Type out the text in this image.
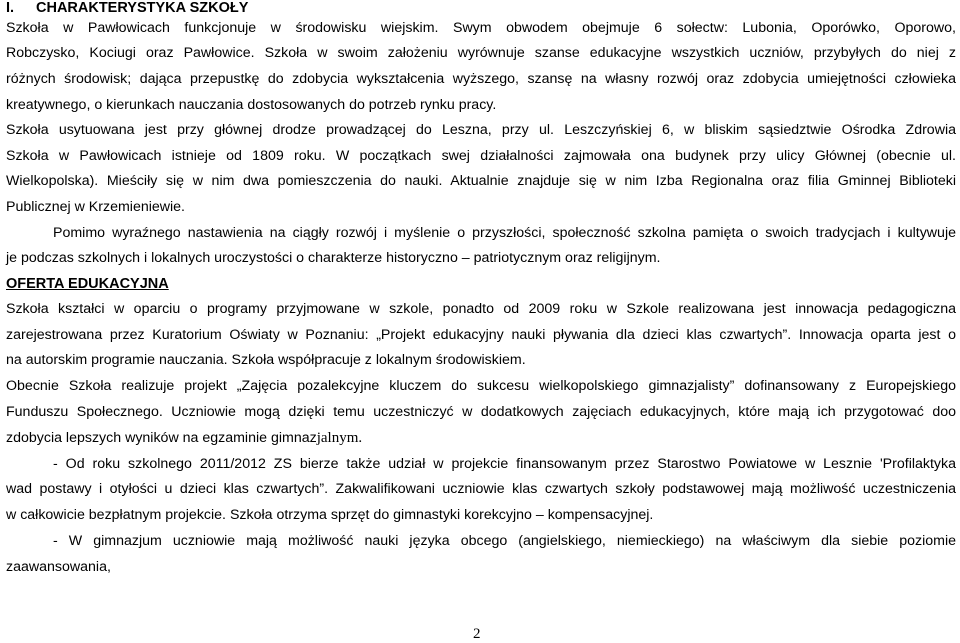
I. CHARAKTERYSTYKA SZKOŁY
Szkoła w Pawłowicach funkcjonuje w środowisku wiejskim. Swym obwodem obejmuje 6 sołectw: Lubonia, Oporówko, Oporowo,
Robczysko, Kociugi oraz Pawłowice. Szkoła w swoim założeniu wyrównuje szanse edukacyjne wszystkich uczniów, przybyłych do niej z
różnych środowisk; dająca przepustkę do zdobycia wykształcenia wyższego, szansę na własny rozwój oraz zdobycia umiejętności człowieka
kreatywnego, o kierunkach nauczania dostosowanych do potrzeb rynku pracy.
Szkoła usytuowana jest przy głównej drodze prowadzącej do Leszna, przy ul. Leszczyńskiej 6, w bliskim sąsiedztwie Ośrodka Zdrowia
Szkoła w Pawłowicach istnieje od 1809 roku. W początkach swej działalności zajmowała ona budynek przy ulicy Głównej (obecnie ul.
Wielkopolska). Mieściły się w nim dwa pomieszczenia do nauki. Aktualnie znajduje się w nim Izba Regionalna oraz filia Gminnej Biblioteki
Publicznej w Krzemieniewie.
Pomimo wyraźnego nastawienia na ciągły rozwój i myślenie o przyszłości, społeczność szkolna pamięta o swoich tradycjach i kultywuje
je podczas szkolnych i lokalnych uroczystości o charakterze historyczno – patriotycznym oraz religijnym.
OFERTA EDUKACYJNA
Szkoła kształci w oparciu o programy przyjmowane w szkole, ponadto od 2009 roku w Szkole realizowana jest innowacja pedagogiczna
zarejestrowana przez Kuratorium Oświaty w Poznaniu: „Projekt edukacyjny nauki pływania dla dzieci klas czwartych”. Innowacja oparta jest o
na autorskim programie nauczania. Szkoła współpracuje z lokalnym środowiskiem.
Obecnie Szkoła realizuje projekt „Zajęcia pozalekcyjne kluczem do sukcesu wielkopolskiego gimnazjalisty” dofinansowany z Europejskiego
Funduszu Społecznego. Uczniowie mogą dzięki temu uczestniczyć w dodatkowych zajęciach edukacyjnych, które mają ich przygotować doo
zdobycia lepszych wyników na egzaminie gimnazjalnym.
- Od roku szkolnego 2011/2012 ZS bierze także udział w projekcie finansowanym przez Starostwo Powiatowe w Lesznie 'Profilaktyka
wad postawy i otyłości u dzieci klas czwartych”. Zakwalifikowani uczniowie klas czwartych szkoły podstawowej mają możliwość uczestniczenia
w całkowicie bezpłatnym projekcie. Szkoła otrzyma sprzęt do gimnastyki korekcyjno – kompensacyjnej.
- W gimnazjum uczniowie mają możliwość nauki języka obcego (angielskiego, niemieckiego) na właściwym dla siebie poziomie
zaawansowania,
2
